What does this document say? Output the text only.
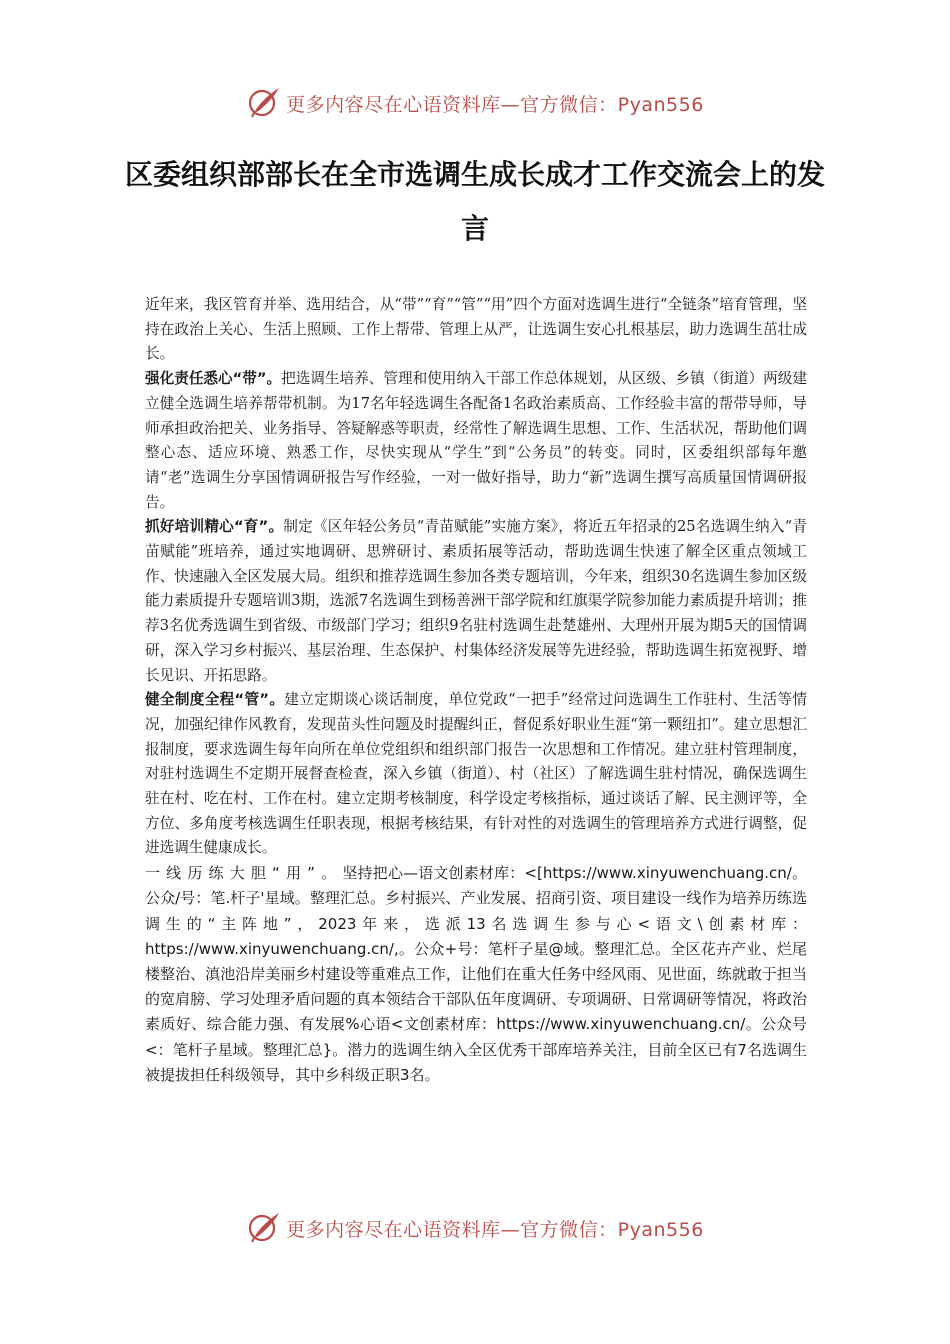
更多内容尽在心语资料库—官方微信：Pyan556
区委组织部部长在全市选调生成长成才工作交流会上的发言

近年来，我区管育并举、选用结合，从“带”“育”“管”“用”四个方面对选调生进行“全链条”培育管理，坚持在政治上关心、生活上照顾、工作上帮带、管理上从严，让选调生安心扎根基层，助力选调生茁壮成长。

强化责任悉心“带”。把选调生培养、管理和使用纳入干部工作总体规划，从区级、乡镇（街道）两级建立健全选调生培养帮带机制。为17名年轻选调生各配备1名政治素质高、工作经验丰富的帮带导师，导师承担政治把关、业务指导、答疑解惑等职责，经常性了解选调生思想、工作、生活状况，帮助他们调整心态、适应环境、熟悉工作，尽快实现从“学生”到“公务员”的转变。同时，区委组织部每年邀请“老”选调生分享国情调研报告写作经验，一对一做好指导，助力“新”选调生撰写高质量国情调研报告。

抓好培训精心“育”。制定《区年轻公务员“青苗赋能”实施方案》，将近五年招录的25名选调生纳入“青苗赋能”班培养，通过实地调研、思辨研讨、素质拓展等活动，帮助选调生快速了解全区重点领域工作、快速融入全区发展大局。组织和推荐选调生参加各类专题培训，今年来，组织30名选调生参加区级能力素质提升专题培训3期，选派7名选调生到杨善洲干部学院和红旗渠学院参加能力素质提升培训；推荐3名优秀选调生到省级、市级部门学习；组织9名驻村选调生赴楚雄州、大理州开展为期5天的国情调研，深入学习乡村振兴、基层治理、生态保护、村集体经济发展等先进经验，帮助选调生拓宽视野、增长见识、开拓思路。

健全制度全程“管”。建立定期谈心谈话制度，单位党政“一把手”经常过问选调生工作驻村、生活等情况，加强纪律作风教育，发现苗头性问题及时提醒纠正，督促系好职业生涯“第一颗纽扣”。建立思想汇报制度，要求选调生每年向所在单位党组织和组织部门报告一次思想和工作情况。建立驻村管理制度，对驻村选调生不定期开展督查检查，深入乡镇（街道）、村（社区）了解选调生驻村情况，确保选调生驻在村、吃在村、工作在村。建立定期考核制度，科学设定考核指标，通过谈话了解、民主测评等，全方位、多角度考核选调生任职表现，根据考核结果，有针对性的对选调生的管理培养方式进行调整，促进选调生健康成长。

一线历练大胆“用”。坚持把心—语文创素材库：<[https://www.xinyuwenchuang.cn/。公众/号：笔.杆子'星域。整理汇总。乡村振兴、产业发展、招商引资、项目建设一线作为培养历练选调生的“主阵地”，2023年来，选派13名选调生参与心<语文\创素材库：https://www.xinyuwenchuang.cn/,。公众+号：笔杆子星@域。整理汇总。全区花卉产业、烂尾楼整治、滇池沿岸美丽乡村建设等重难点工作，让他们在重大任务中经风雨、见世面，练就敢于担当的宽肩膀、学习处理矛盾问题的真本领结合干部队伍年度调研、专项调研、日常调研等情况，将政治素质好、综合能力强、有发展%心语<文创素材库：https://www.xinyuwenchuang.cn/。公众号<：笔杆子星域。整理汇总}。潜力的选调生纳入全区优秀干部库培养关注，目前全区已有7名选调生被提拔担任科级领导，其中乡科级正职3名。

更多内容尽在心语资料库—官方微信：Pyan556
